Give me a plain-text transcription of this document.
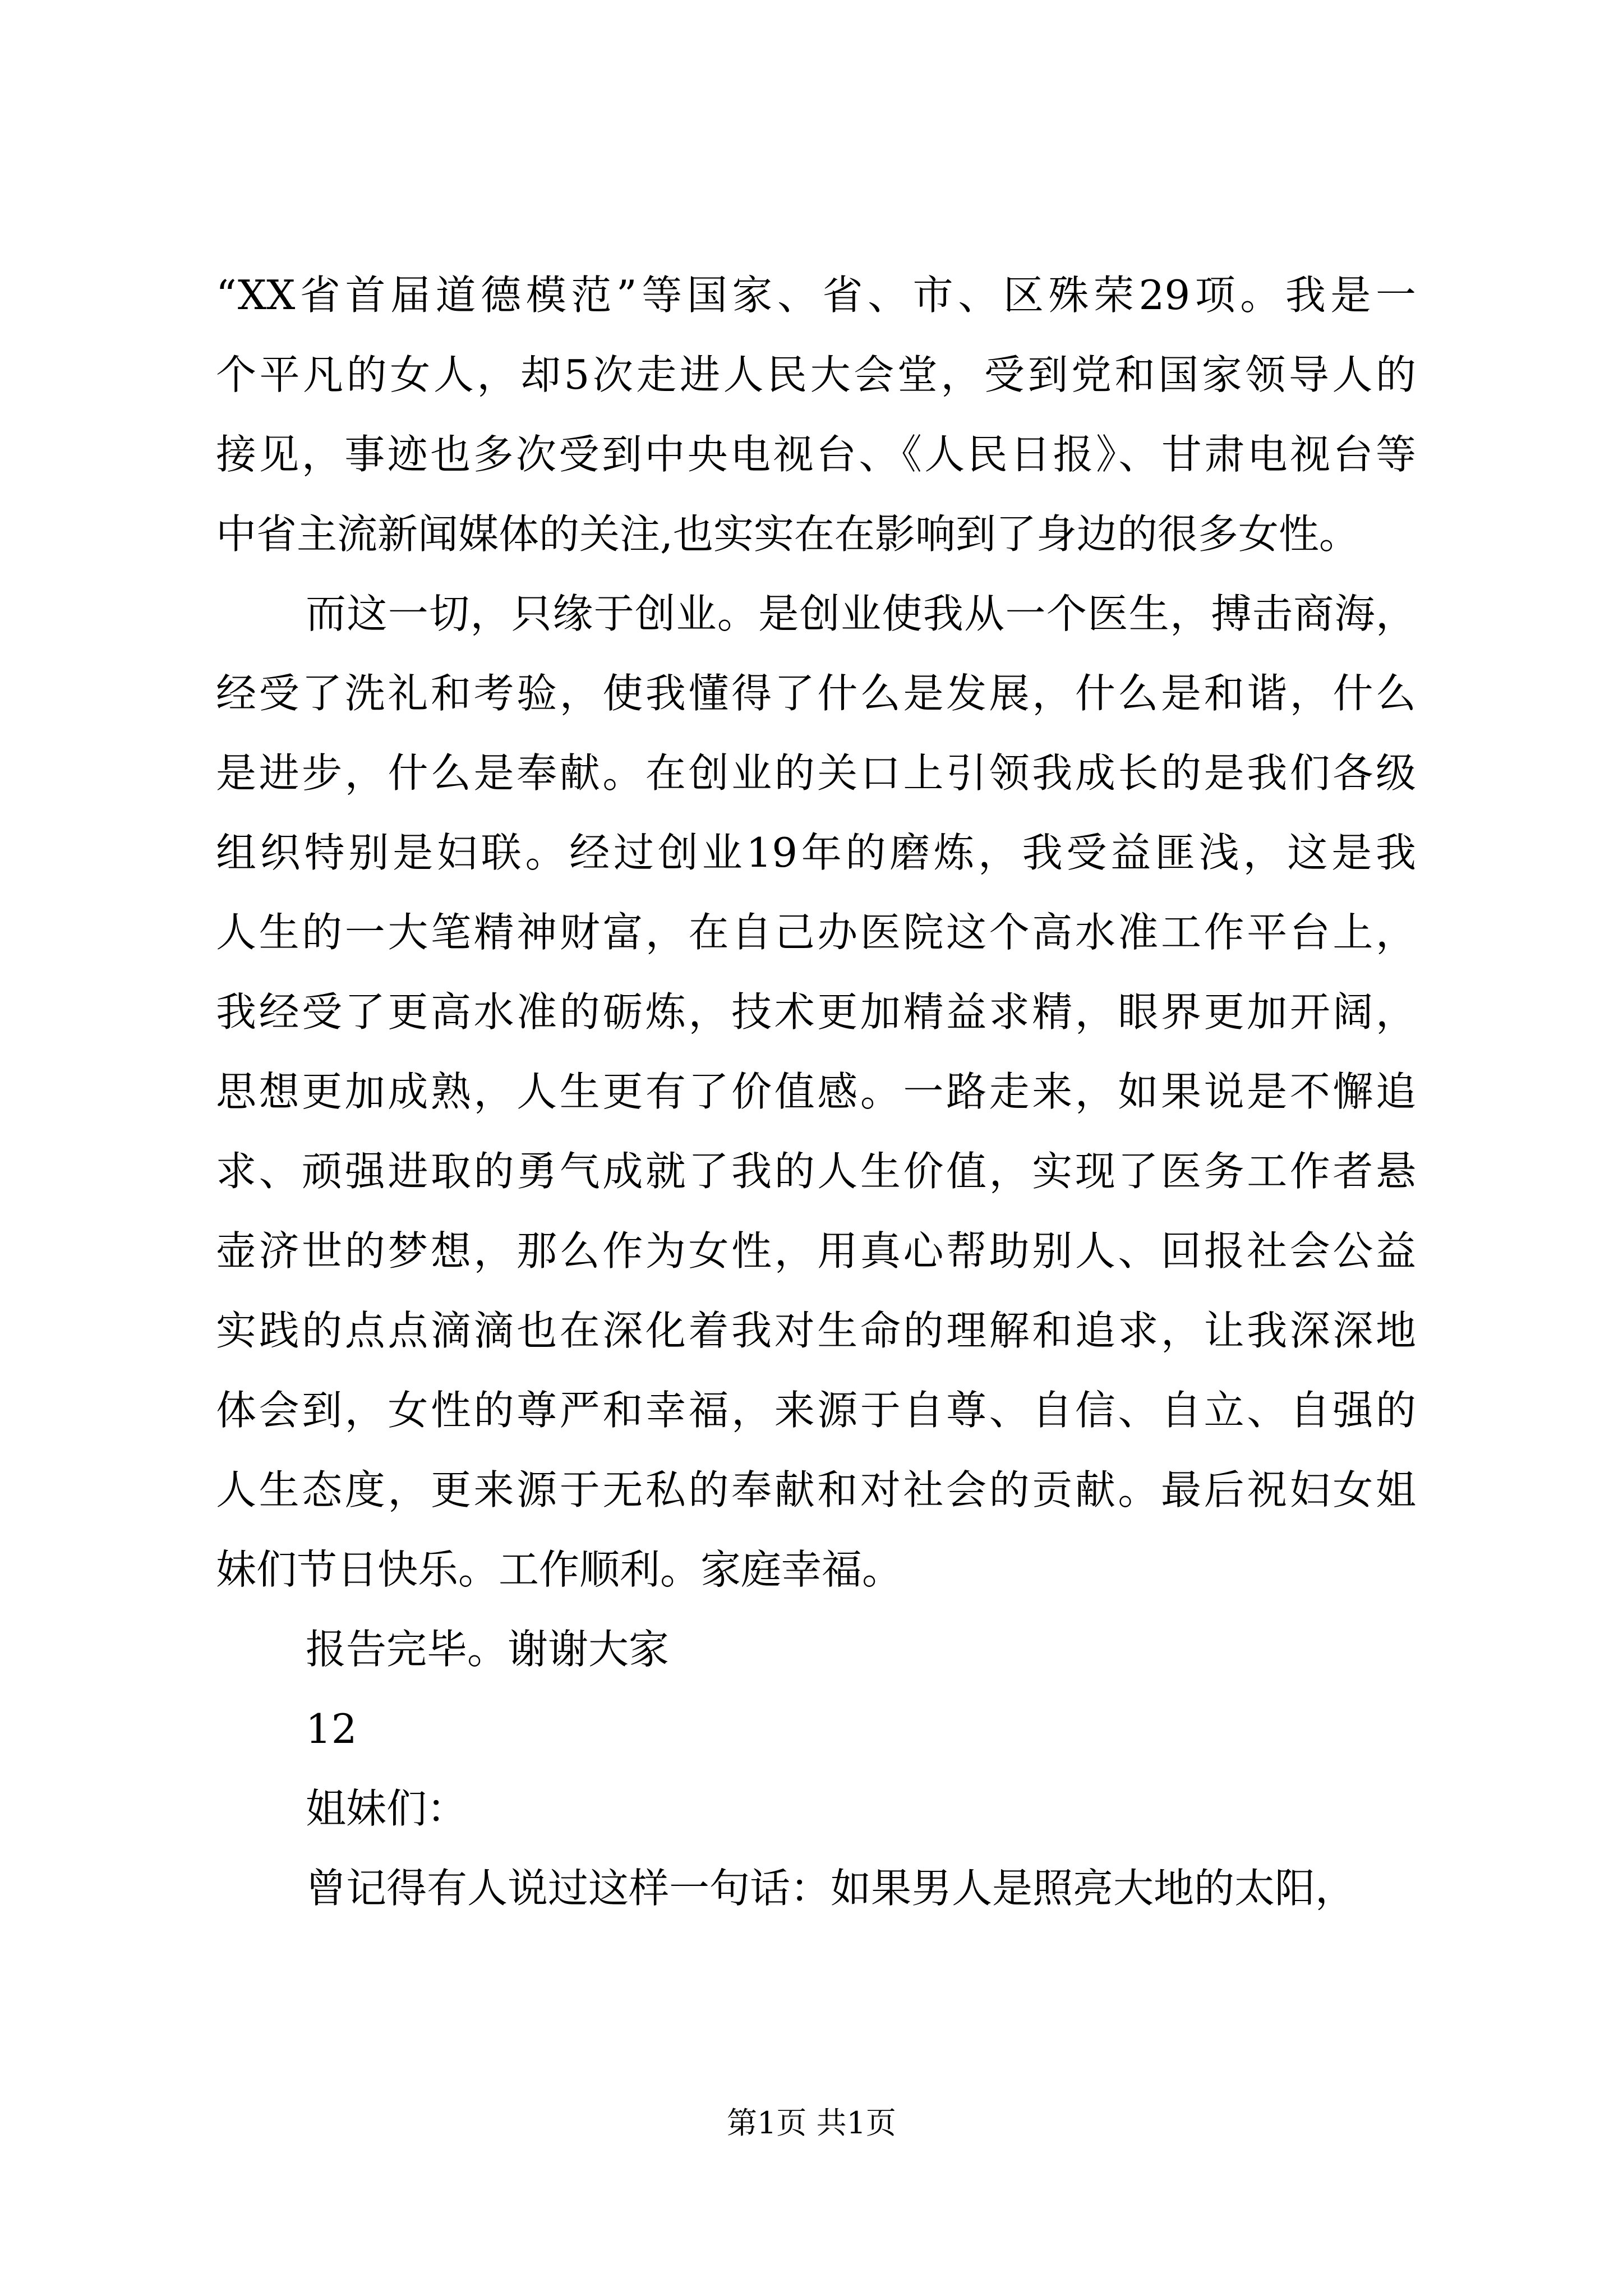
“XX省首届道德模范”等国家、省、市、区殊荣29项。我是一
个平凡的女人，却5次走进人民大会堂，受到党和国家领导人的
接见，事迹也多次受到中央电视台、《人民日报》、甘肃电视台等
中省主流新闻媒体的关注,也实实在在影响到了身边的很多女性。
而这一切，只缘于创业。是创业使我从一个医生，搏击商海，
经受了洗礼和考验，使我懂得了什么是发展，什么是和谐，什么
是进步，什么是奉献。在创业的关口上引领我成长的是我们各级
组织特别是妇联。经过创业19年的磨炼，我受益匪浅，这是我
人生的一大笔精神财富，在自己办医院这个高水准工作平台上，
我经受了更高水准的砺炼，技术更加精益求精，眼界更加开阔，
思想更加成熟，人生更有了价值感。一路走来，如果说是不懈追
求、顽强进取的勇气成就了我的人生价值，实现了医务工作者悬
壶济世的梦想，那么作为女性，用真心帮助别人、回报社会公益
实践的点点滴滴也在深化着我对生命的理解和追求，让我深深地
体会到，女性的尊严和幸福，来源于自尊、自信、自立、自强的
人生态度，更来源于无私的奉献和对社会的贡献。最后祝妇女姐
妹们节日快乐。工作顺利。家庭幸福。
报告完毕。谢谢大家
12
姐妹们：
曾记得有人说过这样一句话：如果男人是照亮大地的太阳，
第1页 共1页
